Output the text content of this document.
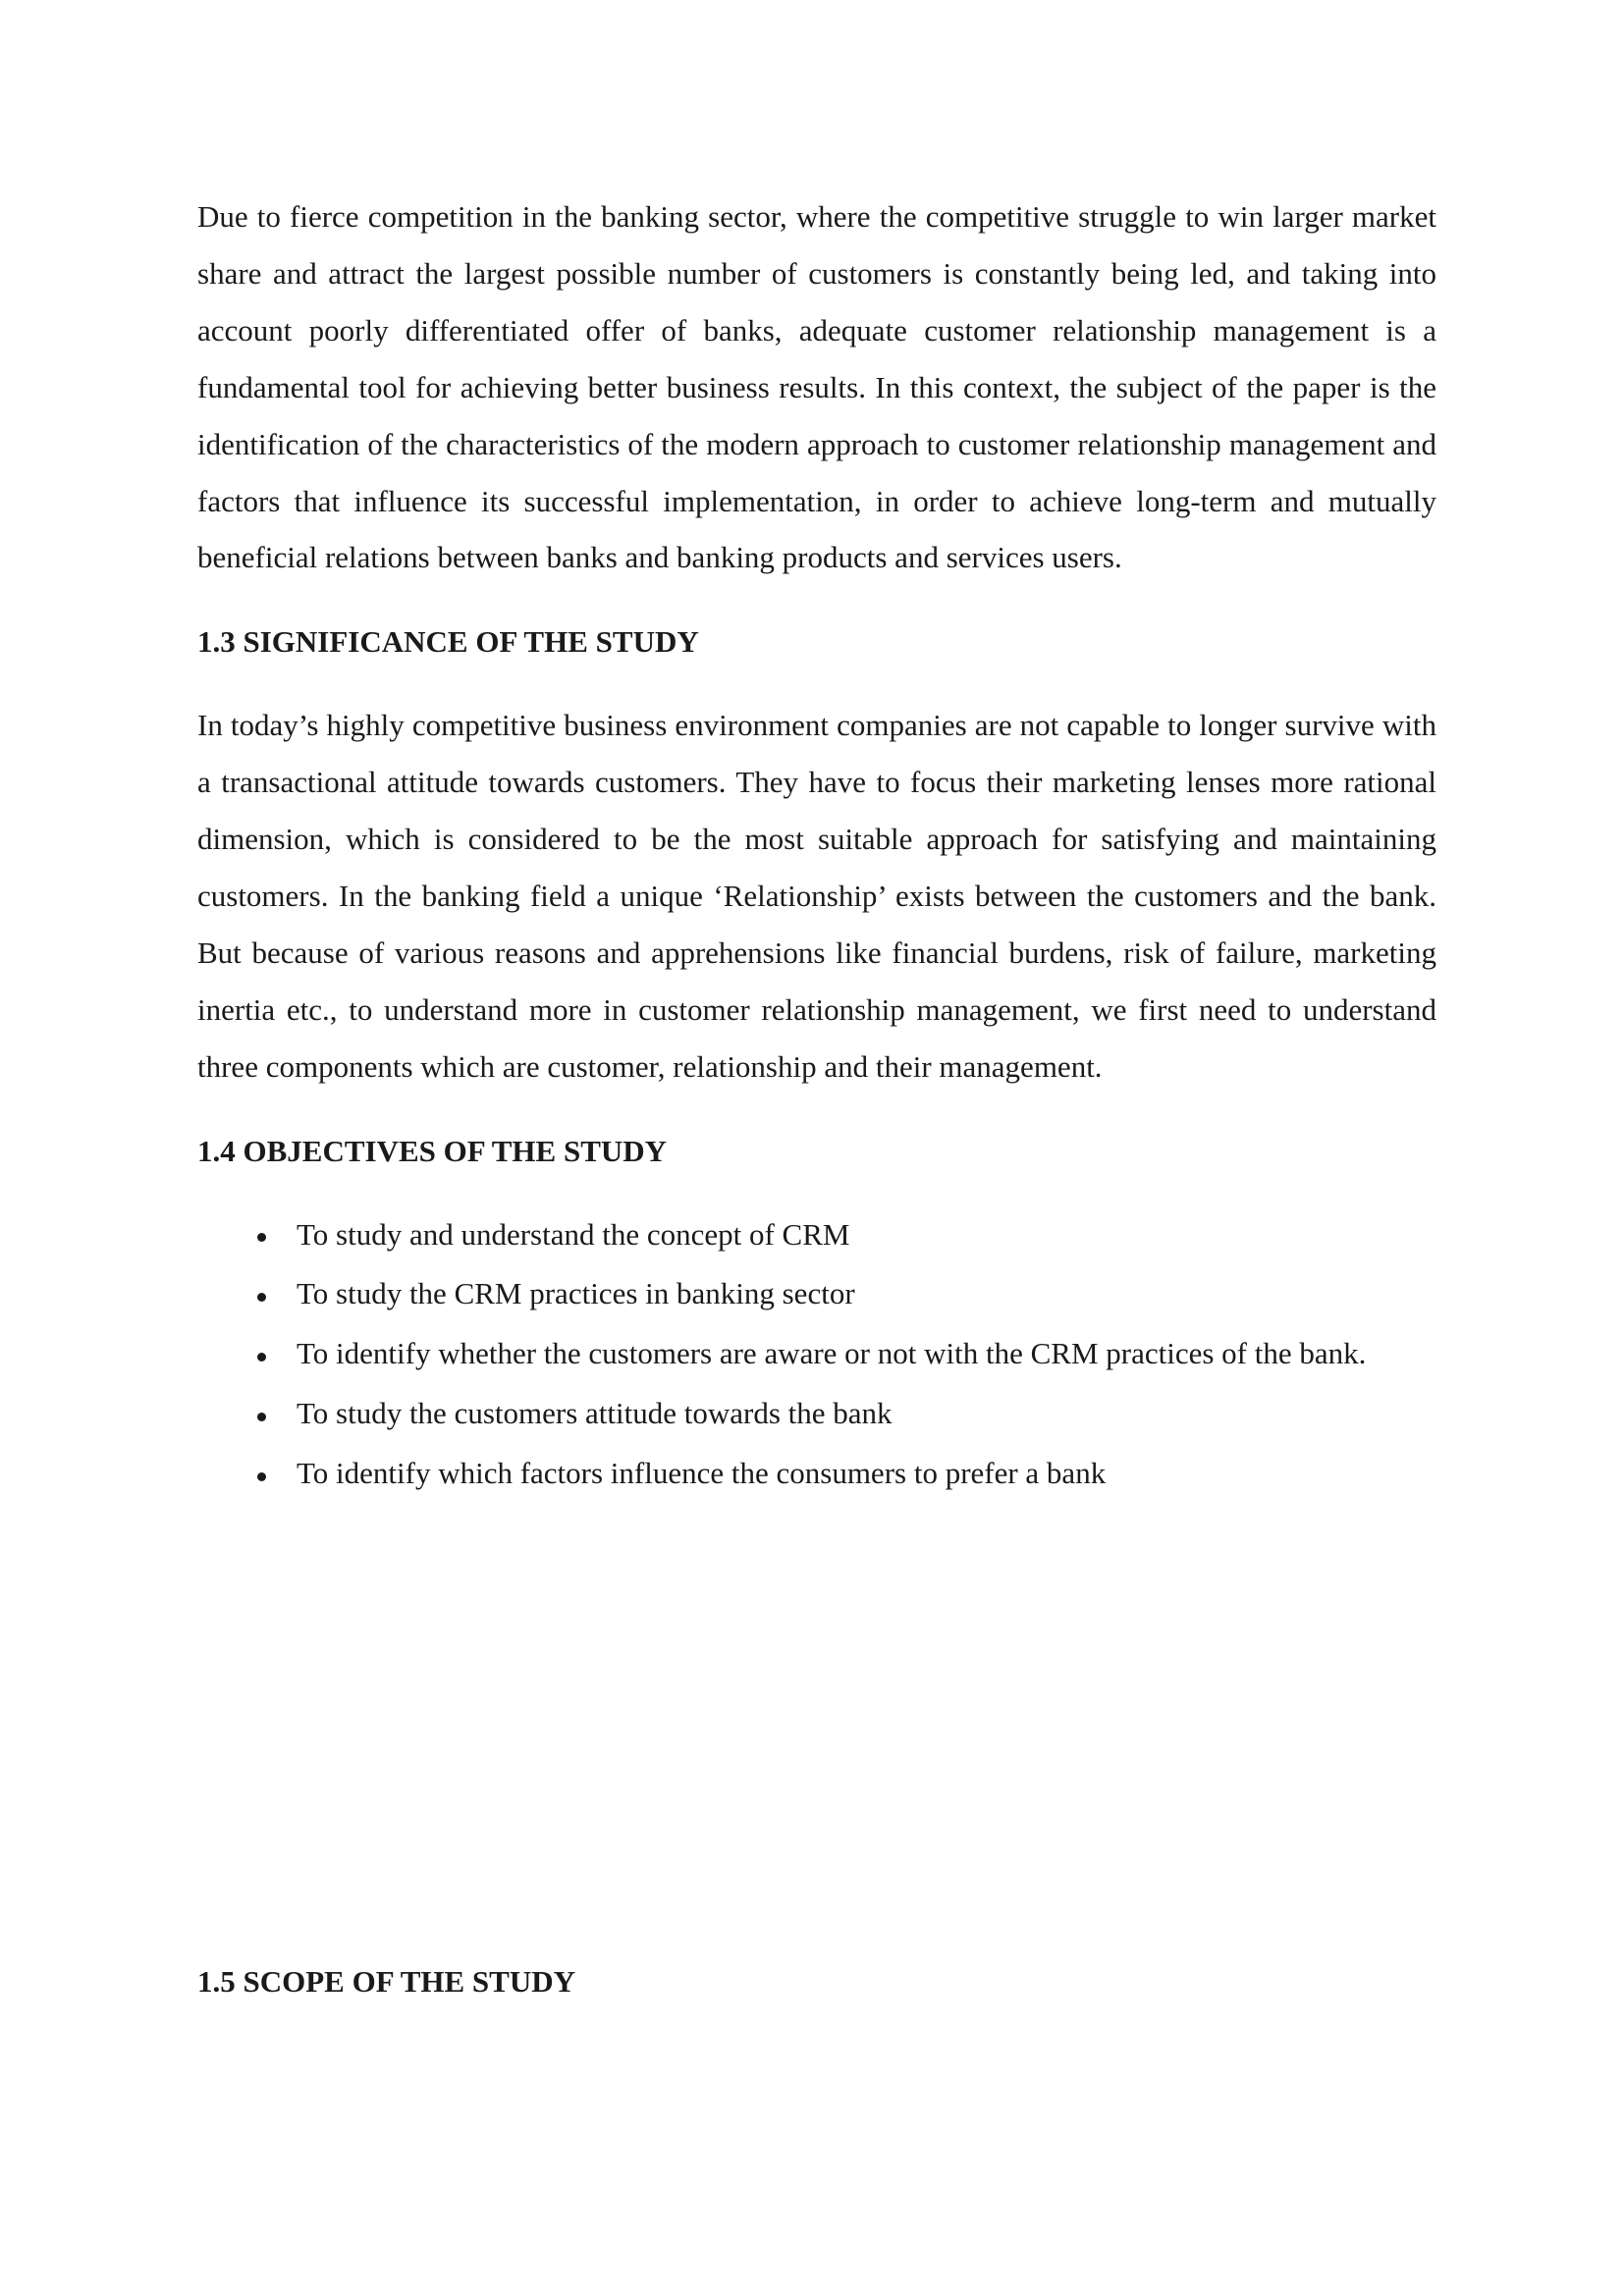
Due to fierce competition in the banking sector, where the competitive struggle to win larger market share and attract the largest possible number of customers is constantly being led, and taking into account poorly differentiated offer of banks, adequate customer relationship management is a fundamental tool for achieving better business results. In this context, the subject of the paper is the identification of the characteristics of the modern approach to customer relationship management and factors that influence its successful implementation, in order to achieve long-term and mutually beneficial relations between banks and banking products and services users.

1.3 SIGNIFICANCE OF THE STUDY

In today’s highly competitive business environment companies are not capable to longer survive with a transactional attitude towards customers. They have to focus their marketing lenses more rational dimension, which is considered to be the most suitable approach for satisfying and maintaining customers. In the banking field a unique ‘Relationship’ exists between the customers and the bank. But because of various reasons and apprehensions like financial burdens, risk of failure, marketing inertia etc., to understand more in customer relationship management, we first need to understand three components which are customer, relationship and their management.

1.4 OBJECTIVES OF THE STUDY
To study and understand the concept of CRM
To study the CRM practices in banking sector
To identify whether the customers are aware or not with the CRM practices of the bank.
To study the customers attitude towards the bank
To identify which factors influence the consumers to prefer a bank
1.5 SCOPE OF THE STUDY
